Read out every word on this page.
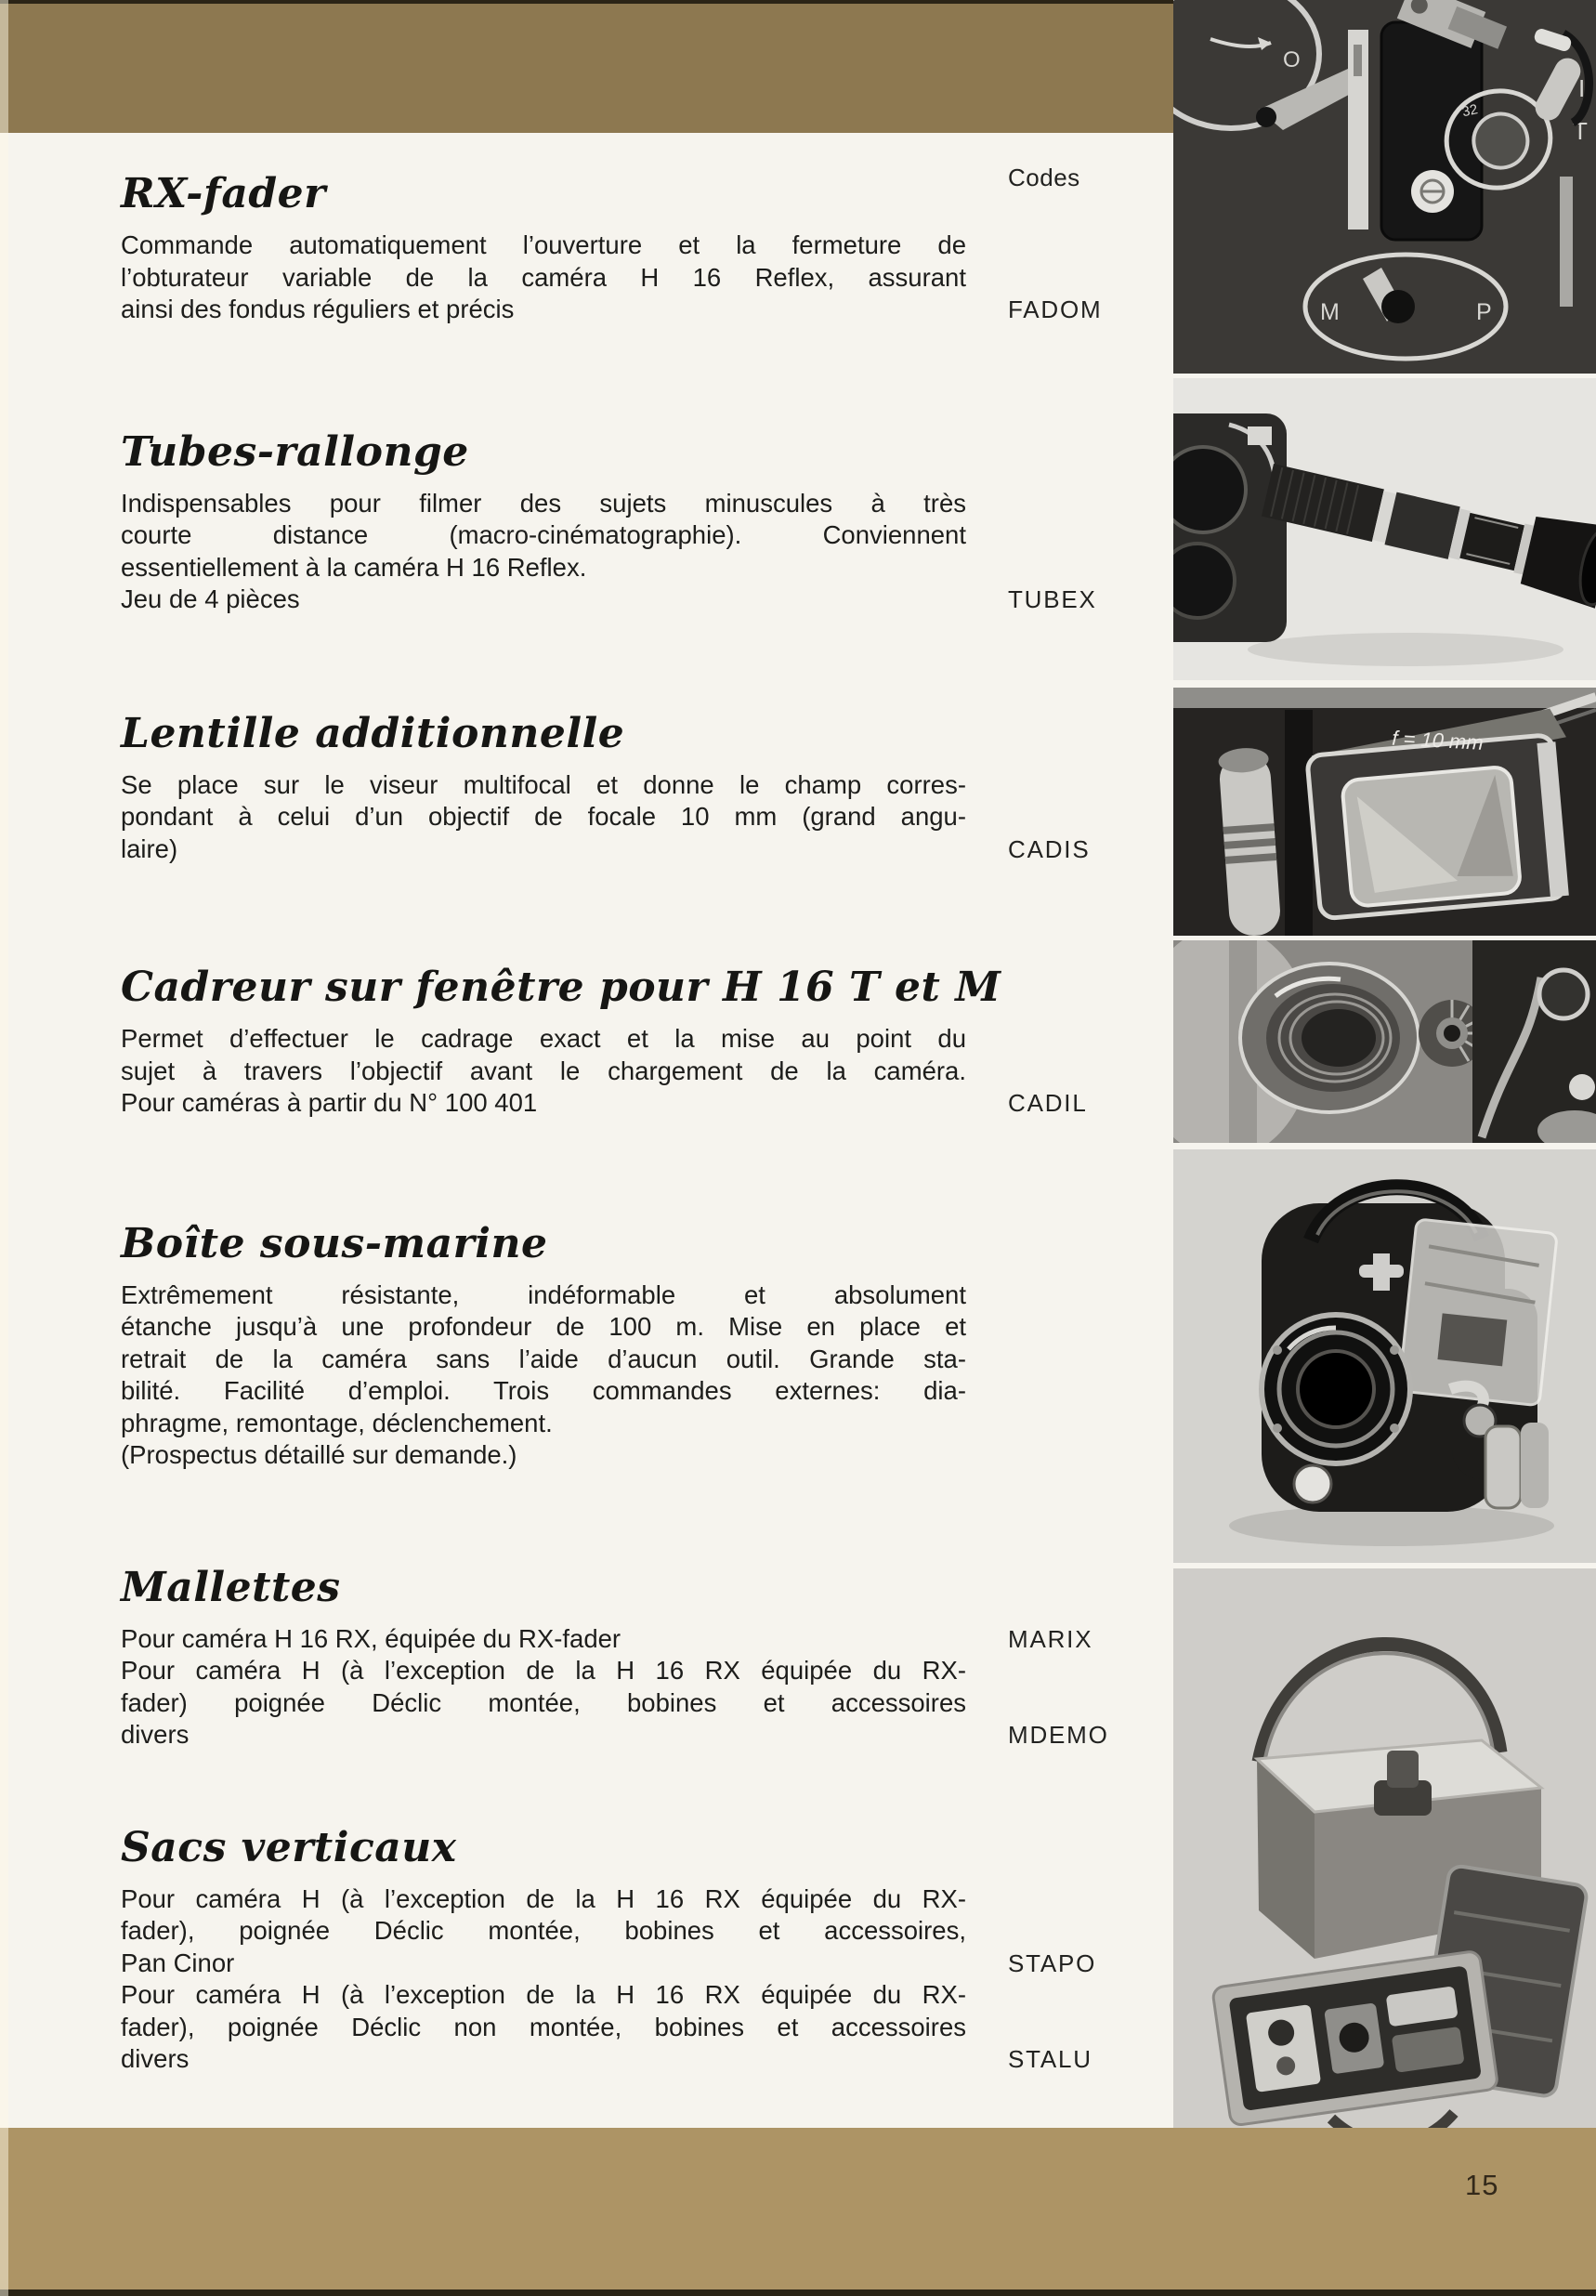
Codes
RX-fader
Commande automatiquement l’ouverture et la fermeture de
l’obturateur variable de la caméra H 16 Reflex, assurant
ainsi des fondus réguliers et précis	FADOM
Tubes-rallonge
Indispensables pour filmer des sujets minuscules à très
courte distance (macro-cinématographie). Conviennent
essentiellement à la caméra H 16 Reflex.
Jeu de 4 pièces	TUBEX
Lentille additionnelle
Se place sur le viseur multifocal et donne le champ corres-
pondant à celui d’un objectif de focale 10 mm (grand angu-
laire)	CADIS
Cadreur sur fenêtre pour H 16 T et M
Permet d’effectuer le cadrage exact et la mise au point du
sujet à travers l’objectif avant le chargement de la caméra.
Pour caméras à partir du N° 100 401	CADIL
Boîte sous-marine
Extrêmement résistante, indéformable et absolument
étanche jusqu’à une profondeur de 100 m. Mise en place et
retrait de la caméra sans l’aide d’aucun outil. Grande sta-
bilité. Facilité d’emploi. Trois commandes externes: dia-
phragme, remontage, déclenchement.
(Prospectus détaillé sur demande.)
Mallettes
Pour caméra H 16 RX, équipée du RX-fader	MARIX
Pour caméra H (à l’exception de la H 16 RX équipée du RX-
fader) poignée Déclic montée, bobines et accessoires
divers	MDEMO
Sacs verticaux
Pour caméra H (à l’exception de la H 16 RX équipée du RX-
fader), poignée Déclic montée, bobines et accessoires,
Pan Cinor	STAPO
Pour caméra H (à l’exception de la H 16 RX équipée du RX-
fader), poignée Déclic non montée, bobines et accessoires
divers	STALU
O
32
I
T
M	P
f = 10 mm
15
